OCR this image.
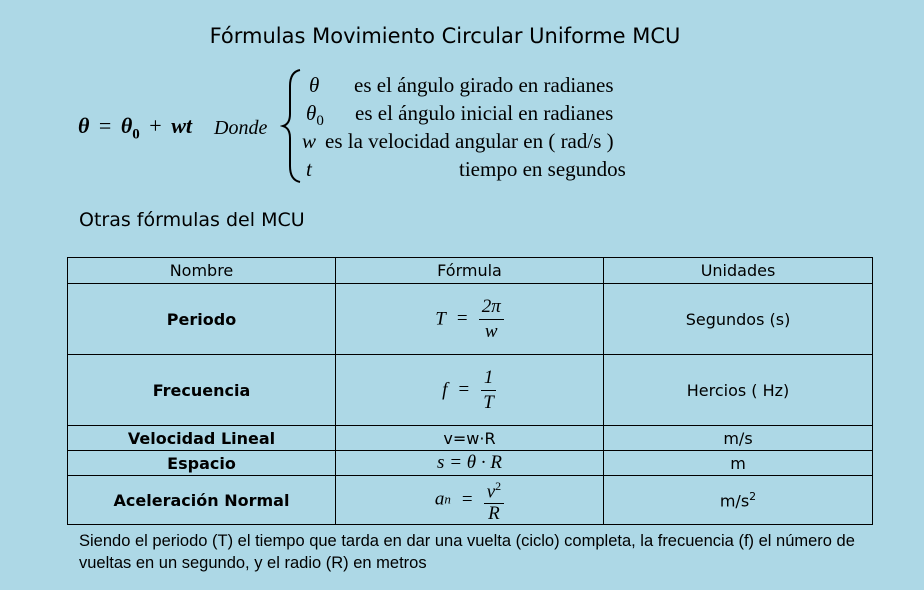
Fórmulas Movimiento Circular Uniforme MCU
$\theta = \theta_0$ + wt Donde
θ es el ángulo girado en radianes
$\theta_0$ es el ángulo inicial en radianes
w es la velocidad angular en ( rad/s )
t	tiempo en segundos
Otras fórmulas del MCU
Nombre	Fórmula	Unidades
Periodo	$T = \frac{2\pi}{w}$	Segundos (s)
Frecuencia	$f = \frac{1}{T}$	Hercios ( Hz)
Velocidad Lineal	v=w·R	m/s
Espacio	s = θ · R	m
Aceleración Normal	an = $\frac{v^2}{R}$	$m/s^2$
Siendo el periodo (T) el tiempo que tarda en dar una vuelta (ciclo) completa, la frecuencia (f) el número de vueltas en un segundo, y el radio (R) en metros
